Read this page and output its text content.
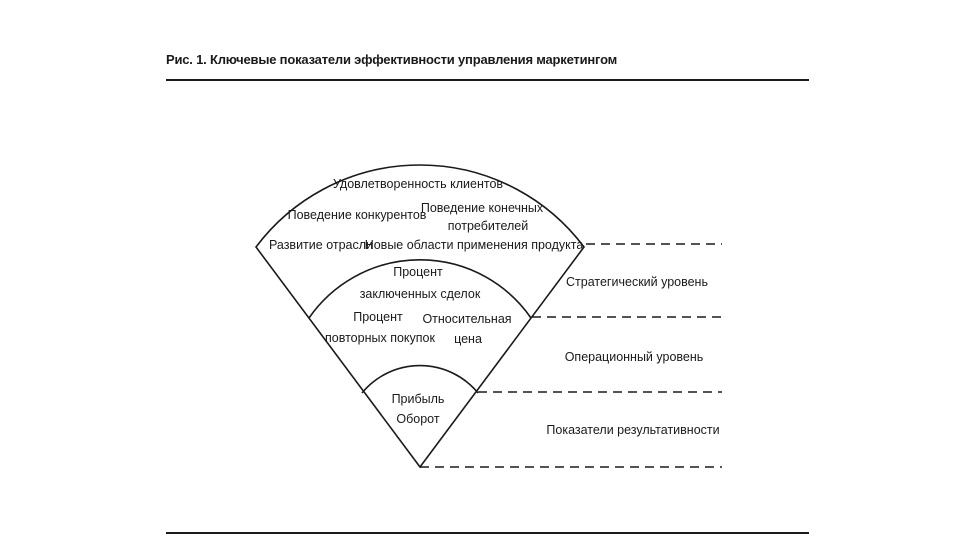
Рис. 1. Ключевые показатели эффективности управления маркетингом
Удовлетворенность клиентов
Поведение конкурентов
Поведение конечных
потребителей
Развитие отрасли
Новые области применения продукта
Процент
заключенных сделок
Процент
повторных покупок
Относительная
цена
Прибыль
Оборот
Стратегический уровень
Операционный уровень
Показатели результативности
